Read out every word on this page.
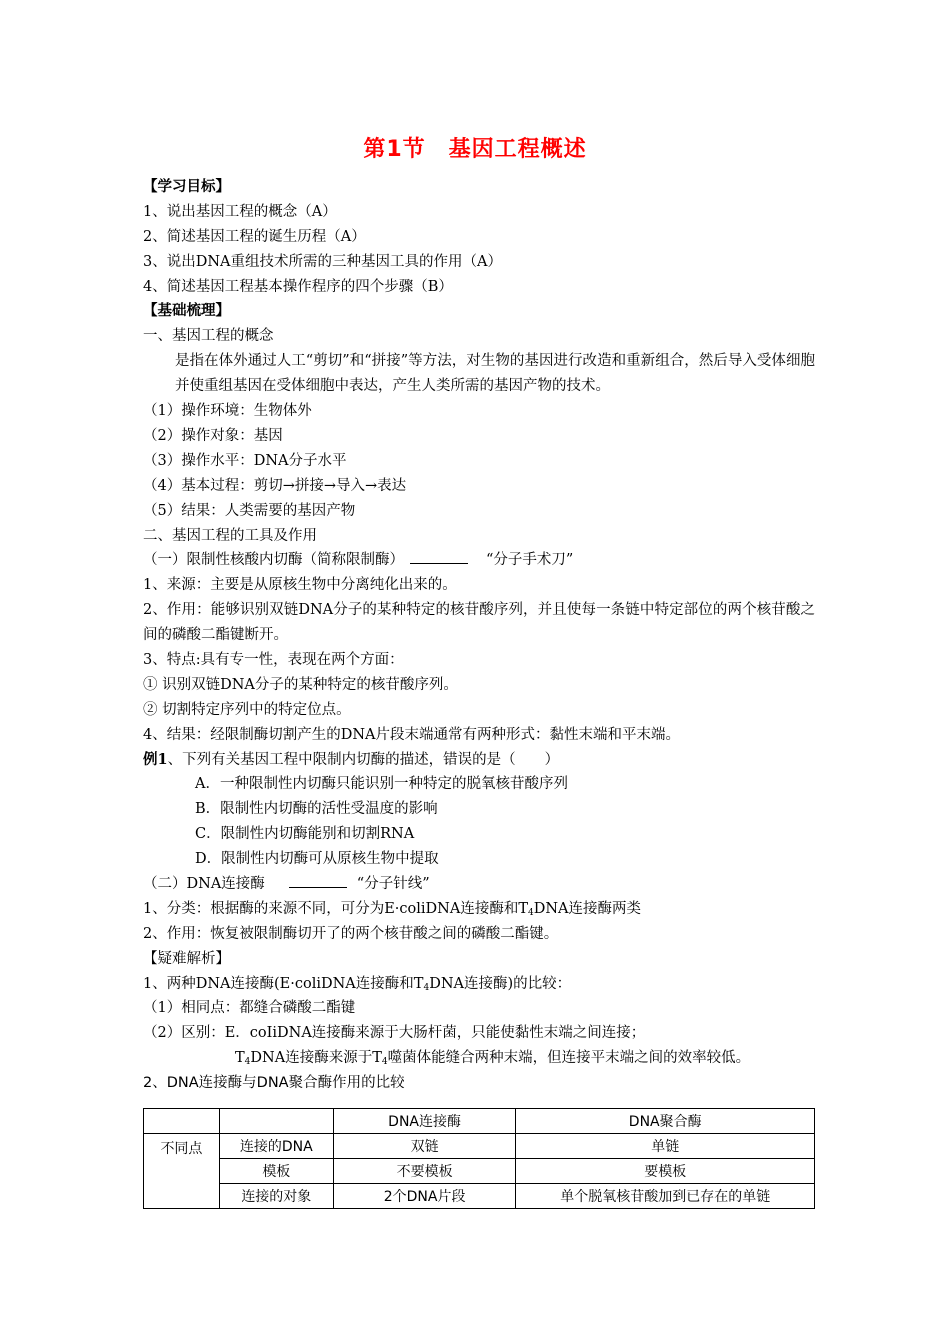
第1节　基因工程概述
【学习目标】
1、说出基因工程的概念（A）
2、简述基因工程的诞生历程（A）
3、说出DNA重组技术所需的三种基因工具的作用（A）
4、简述基因工程基本操作程序的四个步骤（B）
【基础梳理】
一、基因工程的概念
是指在体外通过人工“剪切”和“拼接”等方法，对生物的基因进行改造和重新组合，然后导入受体细胞并使重组基因在受体细胞中表达，产生人类所需的基因产物的技术。
（1）操作环境：生物体外
（2）操作对象：基因
（3）操作水平：DNA分子水平
（4）基本过程：剪切→拼接→导入→表达
（5）结果：人类需要的基因产物
二、基因工程的工具及作用
（一）限制性核酸内切酶（简称限制酶）	“分子手术刀”
1、来源：主要是从原核生物中分离纯化出来的。
2、作用：能够识别双链DNA分子的某种特定的核苷酸序列，并且使每一条链中特定部位的两个核苷酸之间的磷酸二酯键断开。
3、特点:具有专一性，表现在两个方面：
① 识别双链DNA分子的某种特定的核苷酸序列。
② 切割特定序列中的特定位点。
4、结果：经限制酶切割产生的DNA片段末端通常有两种形式：黏性末端和平末端。
例1、下列有关基因工程中限制内切酶的描述，错误的是（　　）
A．一种限制性内切酶只能识别一种特定的脱氧核苷酸序列
B．限制性内切酶的活性受温度的影响
C．限制性内切酶能别和切割RNA
D．限制性内切酶可从原核生物中提取
（二）DNA连接酶	“分子针线”
1、分类：根据酶的来源不同，可分为E·coliDNA连接酶和$T_4DNA$连接酶两类
2、作用：恢复被限制酶切开了的两个核苷酸之间的磷酸二酯键。
【疑难解析】
1、两种DNA连接酶(E·coliDNA连接酶和$T_4DNA$连接酶)的比较：
（1）相同点：都缝合磷酸二酯键
（2）区别：E．coIiDNA连接酶来源于大肠杆菌，只能使黏性末端之间连接；
$T_4DNA$连接酶来源于$T_4$噬菌体能缝合两种末端，但连接平末端之间的效率较低。
2、DNA连接酶与DNA聚合酶作用的比较
		DNA连接酶	DNA聚合酶
不同点	连接的DNA	双链	单链
	模板	不要模板	要模板
	连接的对象	2个DNA片段	单个脱氧核苷酸加到已存在的单链
